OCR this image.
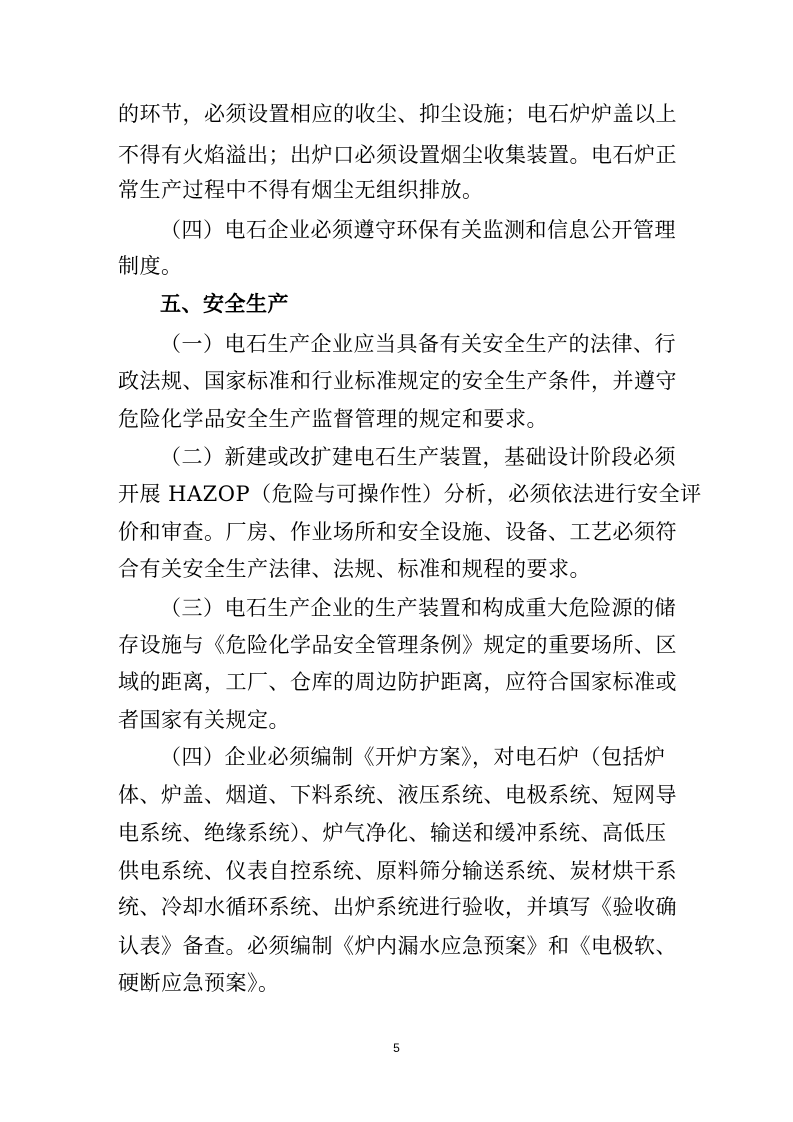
的环节，必须设置相应的收尘、抑尘设施；电石炉炉盖以上
不得有火焰溢出；出炉口必须设置烟尘收集装置。电石炉正
常生产过程中不得有烟尘无组织排放。
（四）电石企业必须遵守环保有关监测和信息公开管理
制度。
五、安全生产
（一）电石生产企业应当具备有关安全生产的法律、行
政法规、国家标准和行业标准规定的安全生产条件，并遵守
危险化学品安全生产监督管理的规定和要求。
（二）新建或改扩建电石生产装置，基础设计阶段必须
开展 HAZOP（危险与可操作性）分析，必须依法进行安全评
价和审查。厂房、作业场所和安全设施、设备、工艺必须符
合有关安全生产法律、法规、标准和规程的要求。
（三）电石生产企业的生产装置和构成重大危险源的储
存设施与《危险化学品安全管理条例》规定的重要场所、区
域的距离，工厂、仓库的周边防护距离，应符合国家标准或
者国家有关规定。
（四）企业必须编制《开炉方案》，对电石炉（包括炉
体、炉盖、烟道、下料系统、液压系统、电极系统、短网导
电系统、绝缘系统）、炉气净化、输送和缓冲系统、高低压
供电系统、仪表自控系统、原料筛分输送系统、炭材烘干系
统、冷却水循环系统、出炉系统进行验收，并填写《验收确
认表》备查。必须编制《炉内漏水应急预案》和《电极软、
硬断应急预案》。
5
